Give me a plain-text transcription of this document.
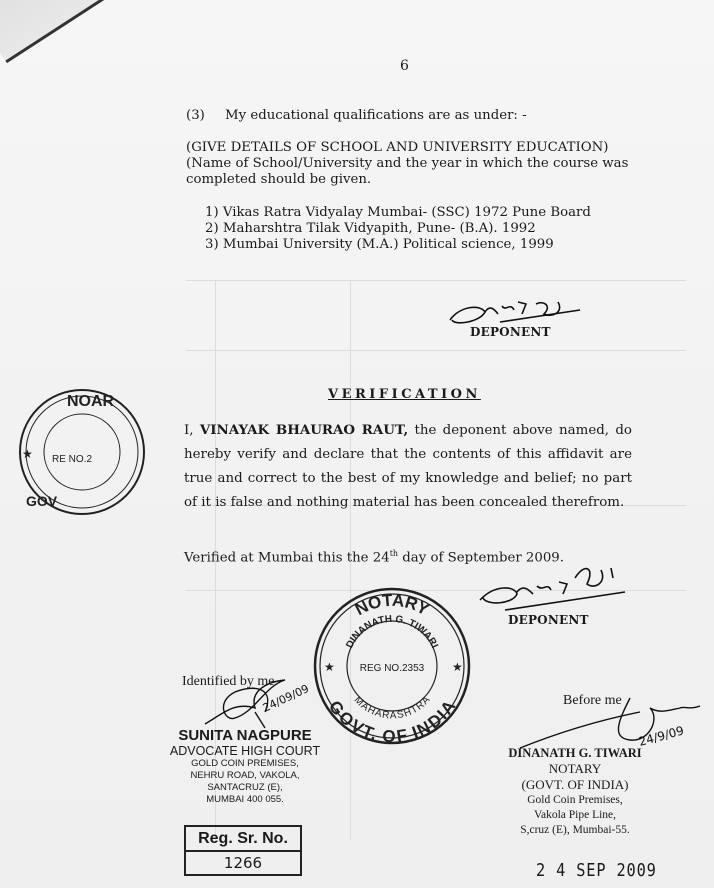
6
(3) My educational qualifications are as under: -
(GIVE DETAILS OF SCHOOL AND UNIVERSITY EDUCATION)
(Name of School/University and the year in which the course was
completed should be given.
1) Vikas Ratra Vidyalay Mumbai- (SSC) 1972 Pune Board
2) Maharshtra Tilak Vidyapith, Pune- (B.A). 1992
3) Mumbai University (M.A.) Political science, 1999
DEPONENT
NOAR
RE NO.2
GOV
★
VERIFICATION
I, VINAYAK BHAURAO RAUT, the deponent above named, do hereby verify and declare that the contents of this affidavit are true and correct to the best of my knowledge and belief; no part of it is false and nothing material has been concealed therefrom.
Verified at Mumbai this the 24th day of September 2009.
DEPONENT
NOTARY
DINANATH G. TIWARI
REG NO.2353
MAHARASHTRA
GOVT. OF INDIA
★	★
Identified by me
24/09/09
SUNITA NAGPURE
ADVOCATE HIGH COURT
GOLD COIN PREMISES,
NEHRU ROAD, VAKOLA,
SANTACRUZ (E),
MUMBAI 400 055.
Reg. Sr. No.
1266
Before me
24/9/09
DINANATH G. TIWARI
NOTARY
(GOVT. OF INDIA)
Gold Coin Premises,
Vakola Pipe Line,
S,cruz (E), Mumbai-55.
2 4 SEP 2009
